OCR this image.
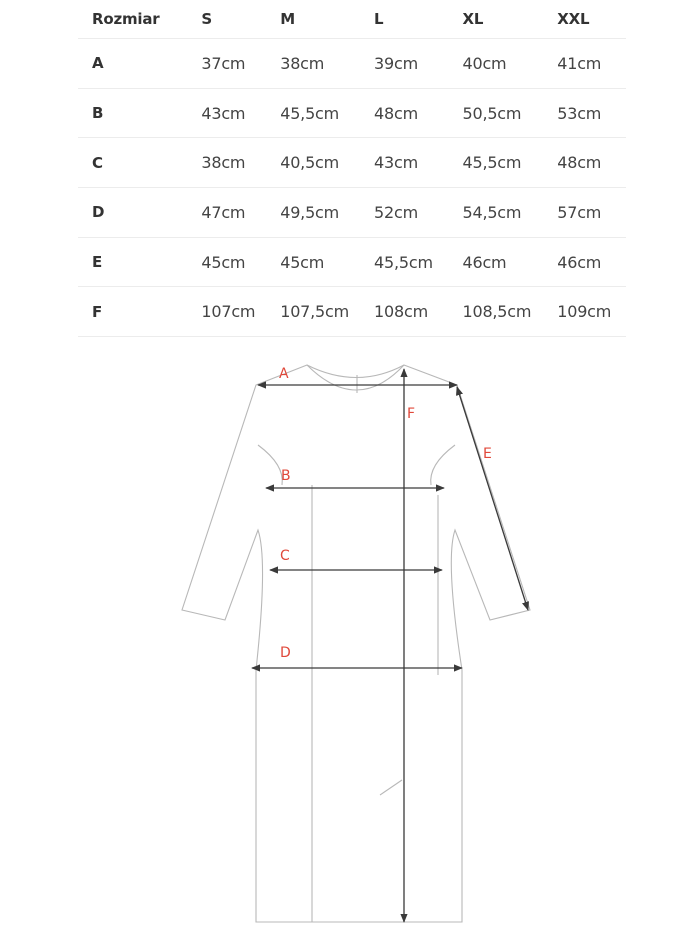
Rozmiar	S	M	L	XL	XXL
A	37cm	38cm	39cm	40cm	41cm
B	43cm	45,5cm	48cm	50,5cm	53cm
C	38cm	40,5cm	43cm	45,5cm	48cm
D	47cm	49,5cm	52cm	54,5cm	57cm
E	45cm	45cm	45,5cm	46cm	46cm
F	107cm	107,5cm	108cm	108,5cm	109cm
A
B
C
D
E
F
